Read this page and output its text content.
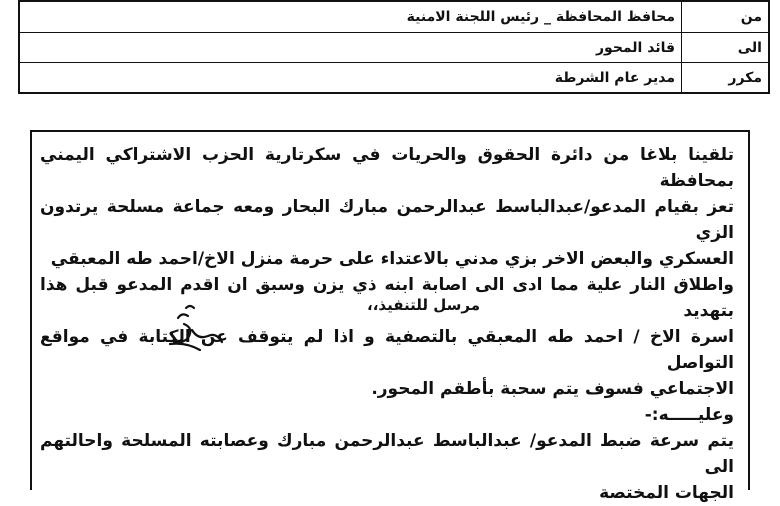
من	محافظ المحافظة _ رئيس اللجنة الامنية
الى	قائد المحور
مكرر	مدير عام الشرطة

تلقينا بلاغا من دائرة الحقوق والحريات في سكرتارية الحزب الاشتراكي اليمني بمحافظة

تعز بقيام المدعو/عبدالباسط عبدالرحمن مبارك البحار ومعه جماعة مسلحة يرتدون الزي

العسكري والبعض الاخر بزي مدني بالاعتداء على حرمة منزل الاخ/احمد طه المعبقي

واطلاق النار علية مما ادى الى اصابة ابنه ذي يزن وسبق ان اقدم المدعو قبل هذا بتهديد

اسرة الاخ / احمد طه المعبقي بالتصفية و اذا لم يتوقف عن الكتابة في مواقع التواصل

الاجتماعي فسوف يتم سحبة بأطقم المحور.

وعليـــــه:-

يتم سرعة ضبط المدعو/ عبدالباسط عبدالرحمن مبارك وعصابته المسلحة واحالتهم الى

الجهات المختصة

مرسل للتنفيذ،،
